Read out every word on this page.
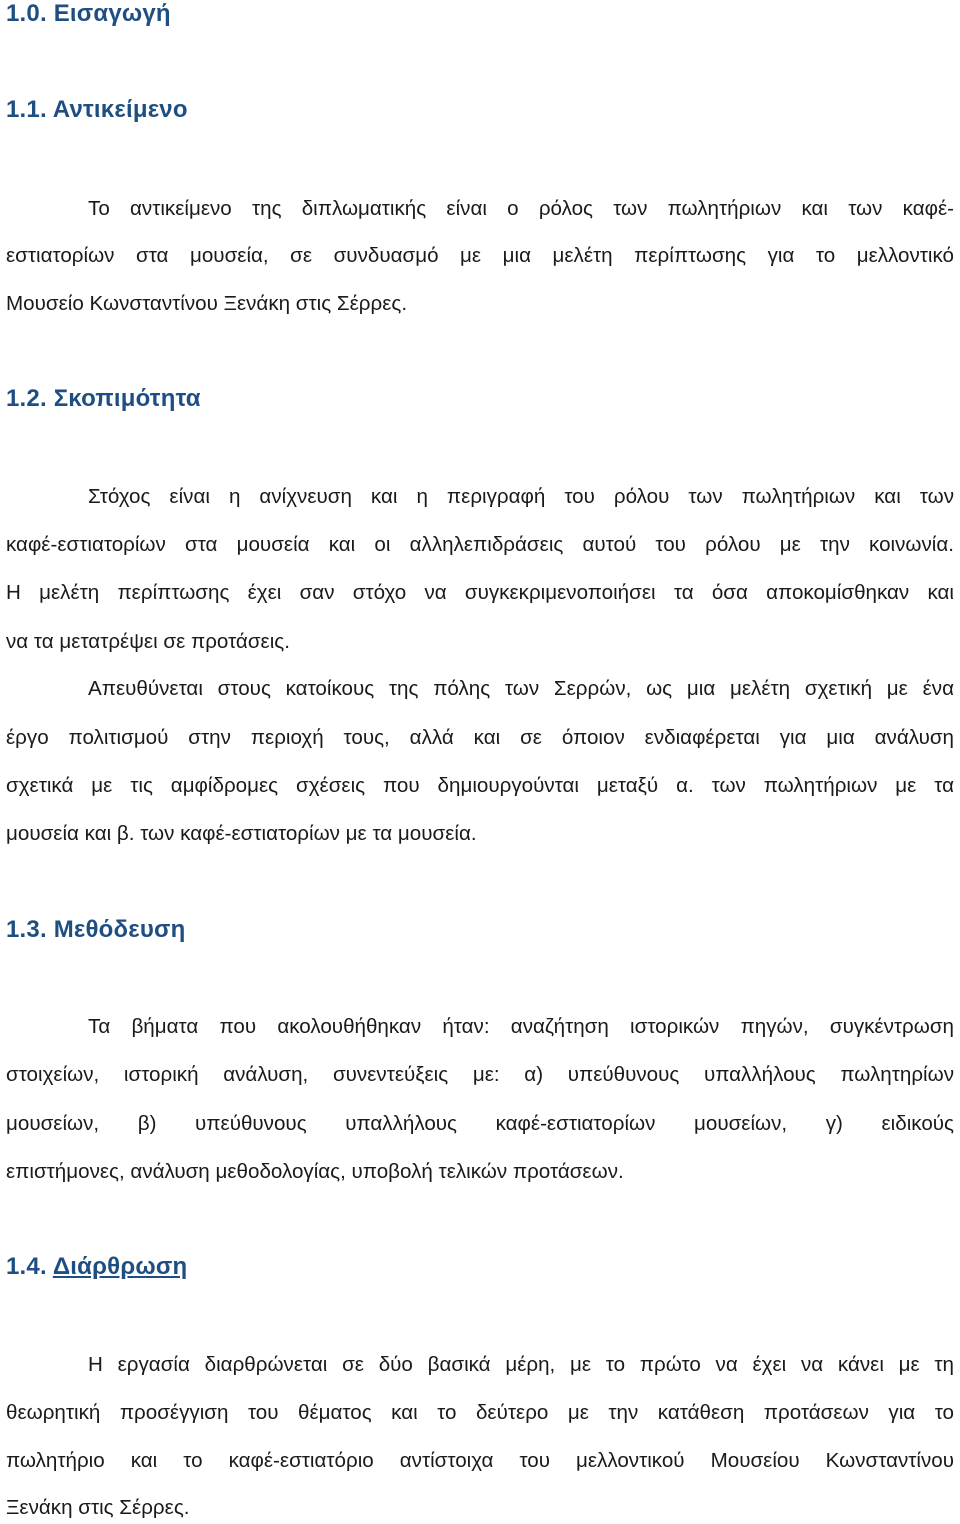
1.0. Εισαγωγή
1.1. Αντικείμενο

Το αντικείμενο της διπλωματικής είναι ο ρόλος των πωλητήριων και των καφέ-

εστιατορίων στα μουσεία, σε συνδυασμό με μια μελέτη περίπτωσης για το μελλοντικό

Μουσείο Κωνσταντίνου Ξενάκη στις Σέρρες.

1.2. Σκοπιμότητα

Στόχος είναι η ανίχνευση και η περιγραφή του ρόλου των πωλητήριων και των

καφέ-εστιατορίων στα μουσεία και οι αλληλεπιδράσεις αυτού του ρόλου με την κοινωνία.

Η μελέτη περίπτωσης έχει σαν στόχο να συγκεκριμενοποιήσει τα όσα αποκομίσθηκαν και

να τα μετατρέψει σε προτάσεις.

Απευθύνεται στους κατοίκους της πόλης των Σερρών, ως μια μελέτη σχετική με ένα

έργο πολιτισμού στην περιοχή τους, αλλά και σε όποιον ενδιαφέρεται για μια ανάλυση

σχετικά με τις αμφίδρομες σχέσεις που δημιουργούνται μεταξύ α. των πωλητήριων με τα

μουσεία και β. των καφέ-εστιατορίων με τα μουσεία.

1.3. Μεθόδευση

Τα βήματα που ακολουθήθηκαν ήταν: αναζήτηση ιστορικών πηγών, συγκέντρωση

στοιχείων, ιστορική ανάλυση, συνεντεύξεις με: α) υπεύθυνους υπαλλήλους πωλητηρίων

μουσείων, β) υπεύθυνους υπαλλήλους καφέ-εστιατορίων μουσείων, γ) ειδικούς

επιστήμονες, ανάλυση μεθοδολογίας, υποβολή τελικών προτάσεων.

1.4. Διάρθρωση

Η εργασία διαρθρώνεται σε δύο βασικά μέρη, με το πρώτο να έχει να κάνει με τη

θεωρητική προσέγγιση του θέματος και το δεύτερο με την κατάθεση προτάσεων για το

πωλητήριο και το καφέ-εστιατόριο αντίστοιχα του μελλοντικού Μουσείου Κωνσταντίνου

Ξενάκη στις Σέρρες.
